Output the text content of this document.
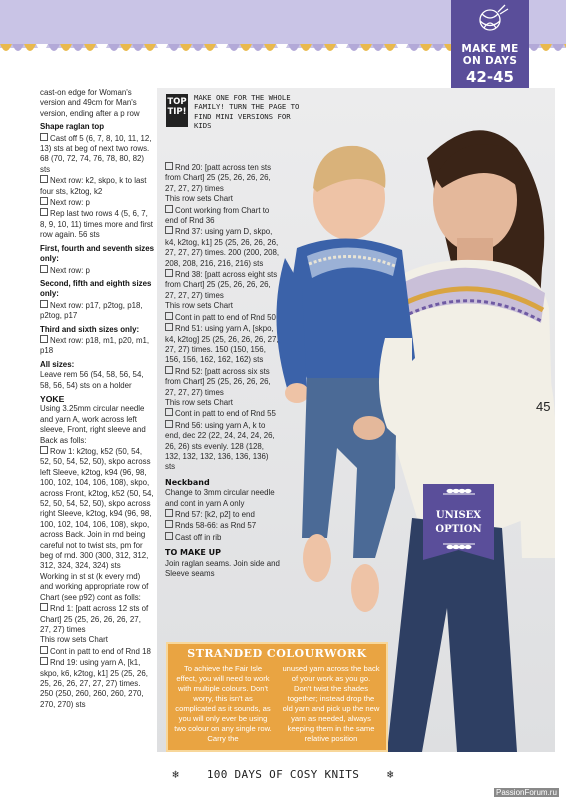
MAKE ME
ON DAYS
42-45

cast-on edge for Woman's version and 49cm for Man's version, ending after a p row

Shape raglan top

Cast off 5 (6, 7, 8, 10, 11, 12, 13) sts at beg of next two rows. 68 (70, 72, 74, 76, 78, 80, 82) sts

Next row: k2, skpo, k to last four sts, k2tog, k2

Next row: p

Rep last two rows 4 (5, 6, 7, 8, 9, 10, 11) times more and first row again. 56 sts

First, fourth and seventh sizes only:

Next row: p

Second, fifth and eighth sizes only:

Next row: p17, p2tog, p18, p2tog, p17

Third and sixth sizes only:

Next row: p18, m1, p20, m1, p18

All sizes:

Leave rem 56 (54, 58, 56, 54, 58, 56, 54) sts on a holder

YOKE

Using 3.25mm circular needle and yarn A, work across left sleeve, Front, right sleeve and Back as folls:

Row 1: k2tog, k52 (50, 54, 52, 50, 54, 52, 50), skpo across left Sleeve, k2tog, k94 (96, 98, 100, 102, 104, 106, 108), skpo, across Front, k2tog, k52 (50, 54, 52, 50, 54, 52, 50), skpo across right Sleeve, k2tog, k94 (96, 98, 100, 102, 104, 106, 108), skpo, across Back. Join in rnd being careful not to twist sts, pm for beg of rnd. 300 (300, 312, 312, 312, 324, 324, 324) sts

Working in st st (k every rnd) and working appropriate row of Chart (see p92) cont as folls:

Rnd 1: [patt across 12 sts of Chart] 25 (25, 26, 26, 26, 27, 27, 27) times

This row sets Chart

Cont in patt to end of Rnd 18

Rnd 19: using yarn A, [k1, skpo, k6, k2tog, k1] 25 (25, 26, 25, 26, 26, 27, 27, 27) times. 250 (250, 260, 260, 260, 270, 270, 270) sts

TOP
TIP!
MAKE ONE FOR THE WHOLE FAMILY! TURN THE PAGE TO FIND MINI VERSIONS FOR KIDS

Rnd 20: [patt across ten sts from Chart] 25 (25, 26, 26, 26, 27, 27, 27) times

This row sets Chart

Cont working from Chart to end of Rnd 36

Rnd 37: using yarn D, skpo, k4, k2tog, k1] 25 (25, 26, 26, 26, 27, 27, 27) times. 200 (200, 208, 208, 208, 216, 216, 216) sts

Rnd 38: [patt across eight sts from Chart] 25 (25, 26, 26, 26, 27, 27, 27) times

This row sets Chart

Cont in patt to end of Rnd 50

Rnd 51: using yarn A, [skpo, k4, k2tog] 25 (25, 26, 26, 26, 27, 27, 27) times. 150 (150, 156, 156, 156, 162, 162, 162) sts

Rnd 52: [patt across six sts from Chart] 25 (25, 26, 26, 26, 27, 27, 27) times

This row sets Chart

Cont in patt to end of Rnd 55

Rnd 56: using yarn A, k to end, dec 22 (22, 24, 24, 24, 26, 26, 26) sts evenly. 128 (128, 132, 132, 132, 136, 136, 136) sts

Neckband

Change to 3mm circular needle and cont in yarn A only

Rnd 57: [k2, p2] to end

Rnds 58-66: as Rnd 57

Cast off in rib

TO MAKE UP

Join raglan seams. Join side and Sleeve seams

STRANDED COLOURWORK
To achieve the Fair Isle effect, you will need to work with multiple colours. Don't worry, this isn't as complicated as it sounds, as you will only ever be using two colour on any single row. Carry the
unused yarn across the back of your work as you go. Don't twist the shades together; instead drop the old yarn and pick up the new yarn as needed, always keeping them in the same relative position
UNISEX
OPTION
45
❄	100 DAYS OF COSY KNITS	❄
PassionForum.ru
